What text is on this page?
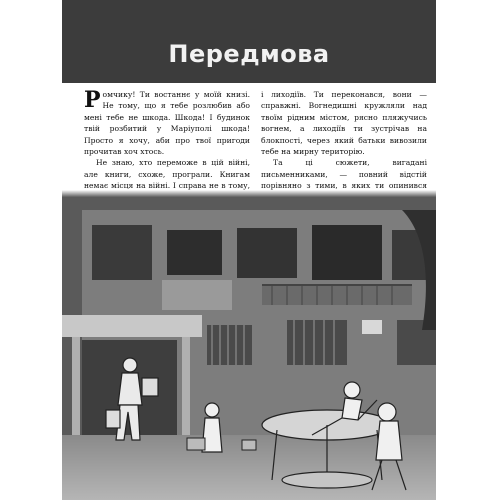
Передмова

Ромчику! Ти востаннє у моїй книзі. Не тому, що я тебе розлюбив або мені тебе не шкода. Шкода! І будинок твій розбитий у Маріуполі шкода! Просто я хочу, аби про твої пригоди прочитав хоч хтось.

Не знаю, хто переможе в цій війні, але книги, схоже, програли. Книгам немає місця на війні. І справа не в тому,

і лиходіїв. Ти переконався, вони — справжні. Вогнедишні кружляли над твоїм рідним містом, рясно пляжучись вогнем, а лиходіїв ти зустрічав на блокпості, через який батьки вивозили тебе на мирну територію.

Та ці сюжети, вигадані письменниками, — повний відстій порівняно з тими, в яких ти опинився
